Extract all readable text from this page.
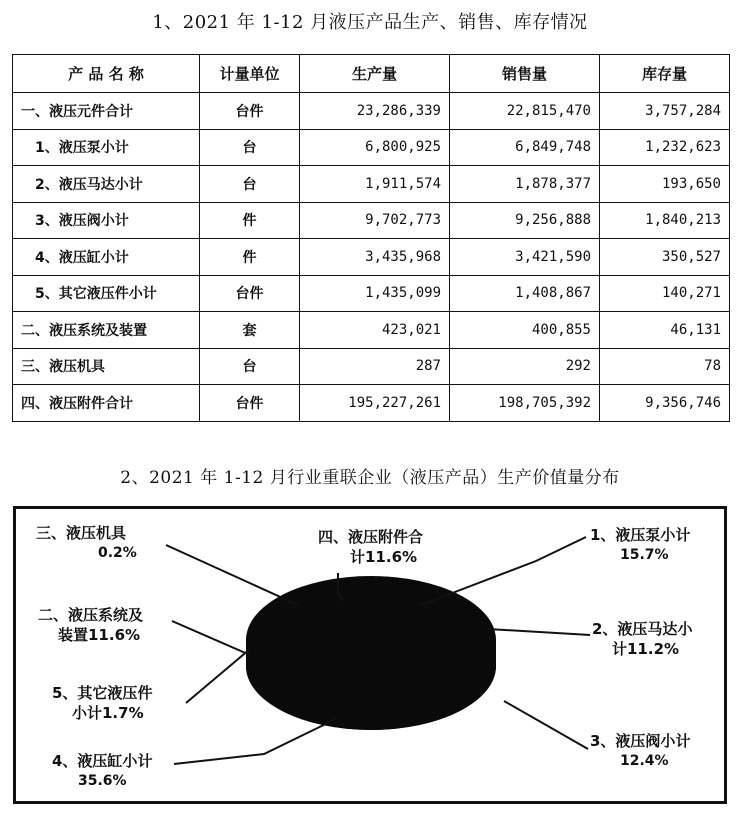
1、2021 年 1-12 月液压产品生产、销售、库存情况
产 品 名 称	计量单位	生产量	销售量	库存量
一、液压元件合计	台件	23,286,339	22,815,470	3,757,284
1、液压泵小计	台	6,800,925	6,849,748	1,232,623
2、液压马达小计	台	1,911,574	1,878,377	193,650
3、液压阀小计	件	9,702,773	9,256,888	1,840,213
4、液压缸小计	件	3,435,968	3,421,590	350,527
5、其它液压件小计	台件	1,435,099	1,408,867	140,271
二、液压系统及装置	套	423,021	400,855	46,131
三、液压机具	台	287	292	78
四、液压附件合计	台件	195,227,261	198,705,392	9,356,746
2、2021 年 1-12 月行业重联企业（液压产品）生产价值量分布
三、液压机具
0.2%
四、液压附件合
计11.6%
1、液压泵小计
15.7%
二、液压系统及
装置11.6%	2、液压马达小
计11.2%
5、其它液压件
小计1.7%
3、液压阀小计
12.4%
4、液压缸小计
35.6%
